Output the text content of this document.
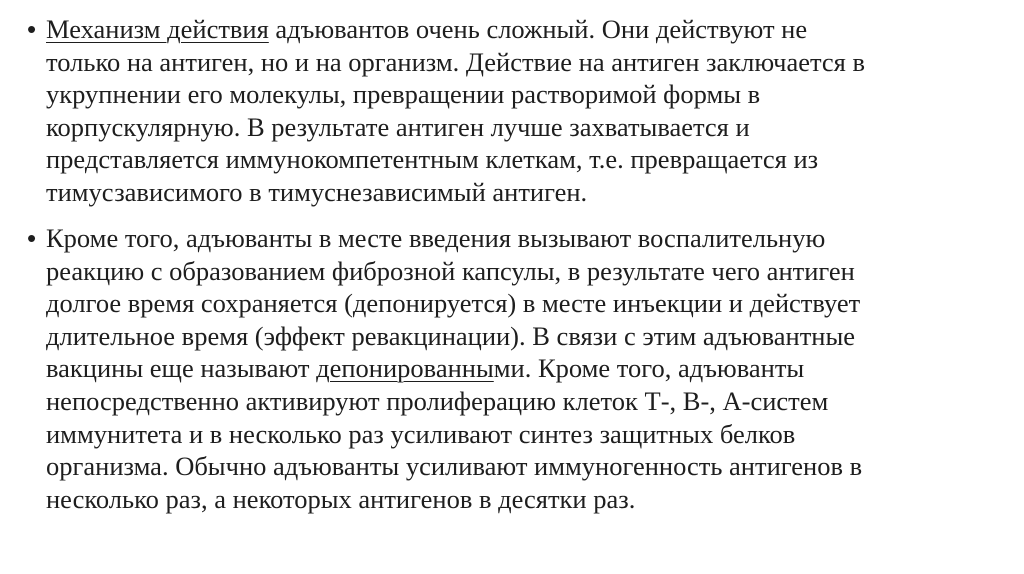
• Механизм действия адъювантов очень сложный. Они действуют не
только на антиген, но и на организм. Действие на антиген заключается в
укрупнении его молекулы, превращении растворимой формы в
корпускулярную. В результате антиген лучше захватывается и
представляется иммунокомпетентным клеткам, т.е. превращается из
тимусзависимого в тимуснезависимый антиген.
• Кроме того, адъюванты в месте введения вызывают воспалительную
реакцию с образованием фиброзной капсулы, в результате чего антиген
долгое время сохраняется (депонируется) в месте инъекции и действует
длительное время (эффект ревакцинации). В связи с этим адъювантные
вакцины еще называют депонированными. Кроме того, адъюванты
непосредственно активируют пролиферацию клеток Т-, В-, А-систем
иммунитета и в несколько раз усиливают синтез защитных белков
организма. Обычно адъюванты усиливают иммуногенность антигенов в
несколько раз, а некоторых антигенов в десятки раз.
